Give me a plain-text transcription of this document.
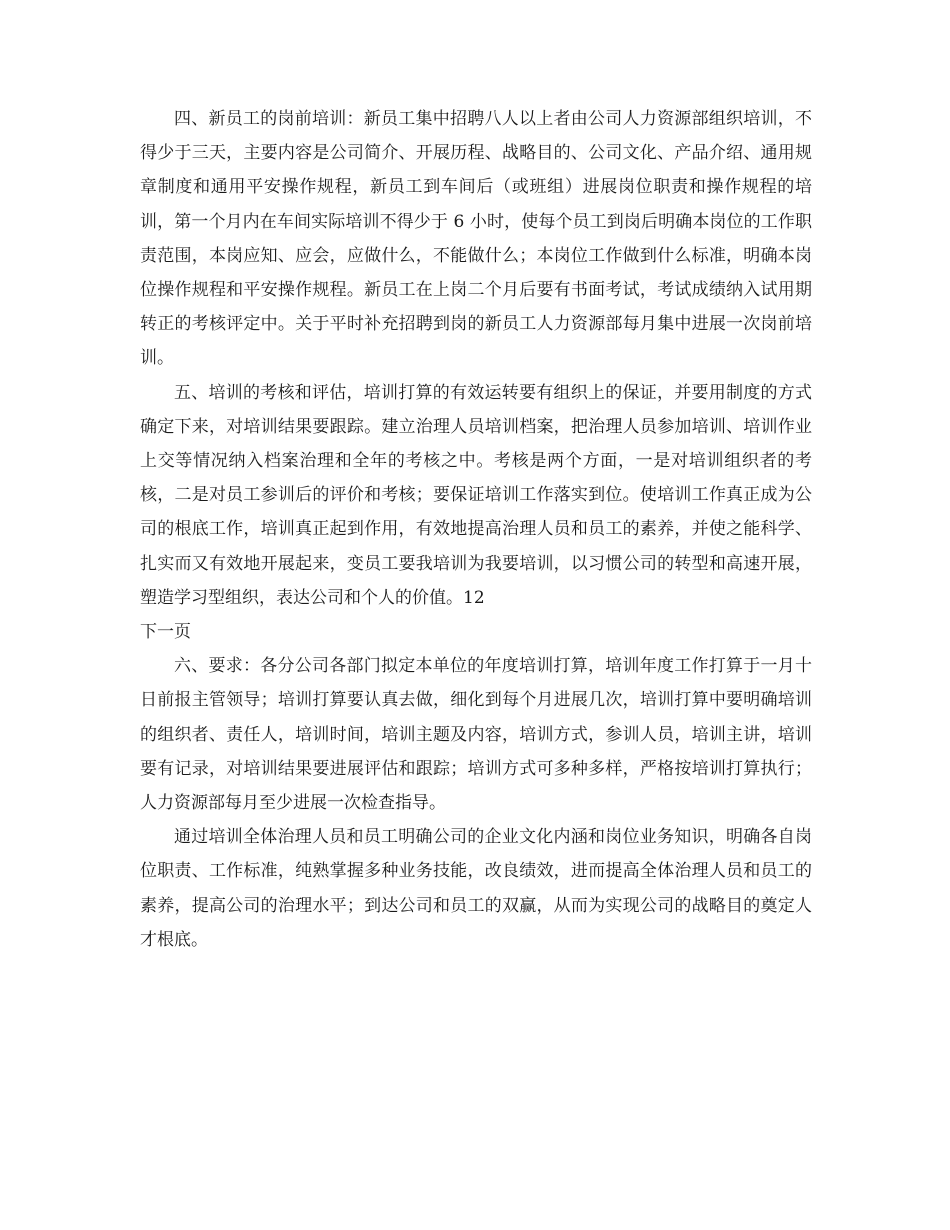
四、新员工的岗前培训：新员工集中招聘八人以上者由公司人力资源部组织培训，不得少于三天，主要内容是公司简介、开展历程、战略目的、公司文化、产品介绍、通用规章制度和通用平安操作规程，新员工到车间后（或班组）进展岗位职责和操作规程的培训，第一个月内在车间实际培训不得少于 6 小时，使每个员工到岗后明确本岗位的工作职责范围，本岗应知、应会，应做什么，不能做什么；本岗位工作做到什么标准，明确本岗位操作规程和平安操作规程。新员工在上岗二个月后要有书面考试，考试成绩纳入试用期转正的考核评定中。关于平时补充招聘到岗的新员工人力资源部每月集中进展一次岗前培训。

五、培训的考核和评估，培训打算的有效运转要有组织上的保证，并要用制度的方式确定下来，对培训结果要跟踪。建立治理人员培训档案，把治理人员参加培训、培训作业上交等情况纳入档案治理和全年的考核之中。考核是两个方面，一是对培训组织者的考核，二是对员工参训后的评价和考核；要保证培训工作落实到位。使培训工作真正成为公司的根底工作，培训真正起到作用，有效地提高治理人员和员工的素养，并使之能科学、扎实而又有效地开展起来，变员工要我培训为我要培训，以习惯公司的转型和高速开展，塑造学习型组织，表达公司和个人的价值。12

下一页

六、要求：各分公司各部门拟定本单位的年度培训打算，培训年度工作打算于一月十日前报主管领导；培训打算要认真去做，细化到每个月进展几次，培训打算中要明确培训的组织者、责任人，培训时间，培训主题及内容，培训方式，参训人员，培训主讲，培训要有记录，对培训结果要进展评估和跟踪；培训方式可多种多样，严格按培训打算执行；人力资源部每月至少进展一次检查指导。

通过培训全体治理人员和员工明确公司的企业文化内涵和岗位业务知识，明确各自岗位职责、工作标准，纯熟掌握多种业务技能，改良绩效，进而提高全体治理人员和员工的素养，提高公司的治理水平；到达公司和员工的双赢，从而为实现公司的战略目的奠定人才根底。
